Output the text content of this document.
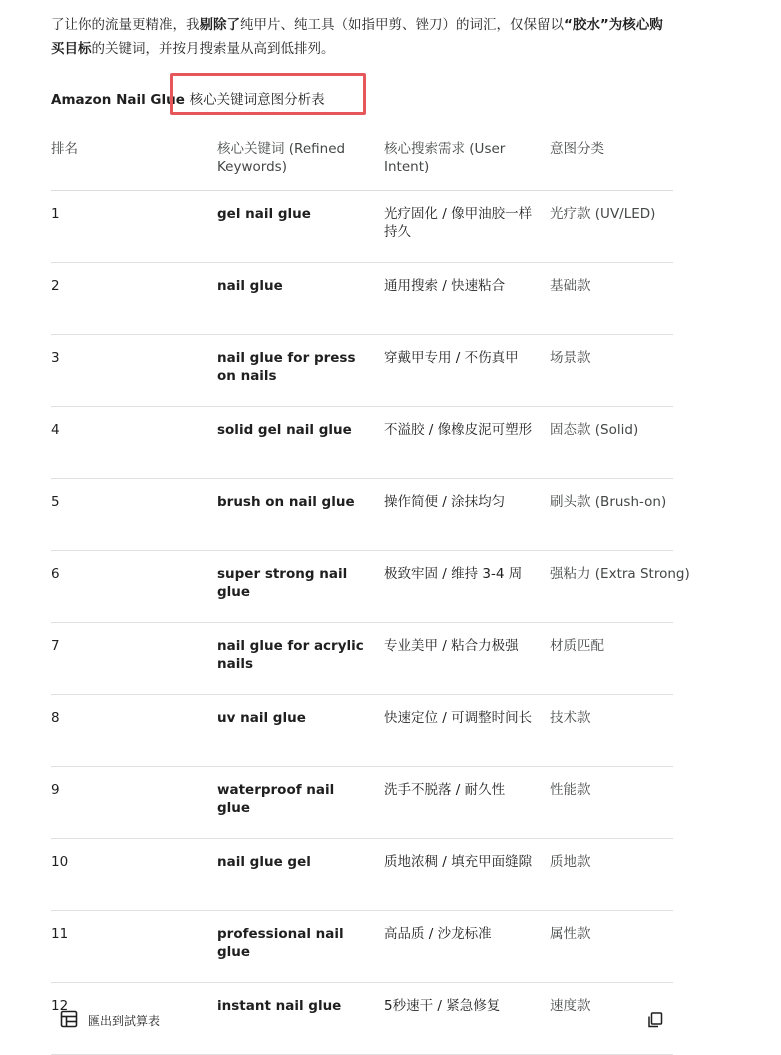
了让你的流量更精准，我剔除了纯甲片、纯工具（如指甲剪、锉刀）的词汇，仅保留以“胶水”为核心购买目标的关键词，并按月搜索量从高到低排列。
Amazon Nail Glue 核心关键词意图分析表
排名	核心关键词 (Refined Keywords)	核心搜索需求 (User Intent)	意图分类
1	gel nail glue	光疗固化 / 像甲油胶一样持久	光疗款 (UV/LED)
2	nail glue	通用搜索 / 快速粘合	基础款
3	nail glue for press on nails	穿戴甲专用 / 不伤真甲	场景款
4	solid gel nail glue	不溢胶 / 像橡皮泥可塑形	固态款 (Solid)
5	brush on nail glue	操作简便 / 涂抹均匀	刷头款 (Brush-on)
6	super strong nail glue	极致牢固 / 维持 3-4 周	强粘力 (Extra Strong)
7	nail glue for acrylic nails	专业美甲 / 粘合力极强	材质匹配
8	uv nail glue	快速定位 / 可调整时间长	技术款
9	waterproof nail glue	洗手不脱落 / 耐久性	性能款
10	nail glue gel	质地浓稠 / 填充甲面缝隙	质地款
11	professional nail glue	高品质 / 沙龙标准	属性款
12	instant nail glue	5秒速干 / 紧急修复	速度款
匯出到試算表
